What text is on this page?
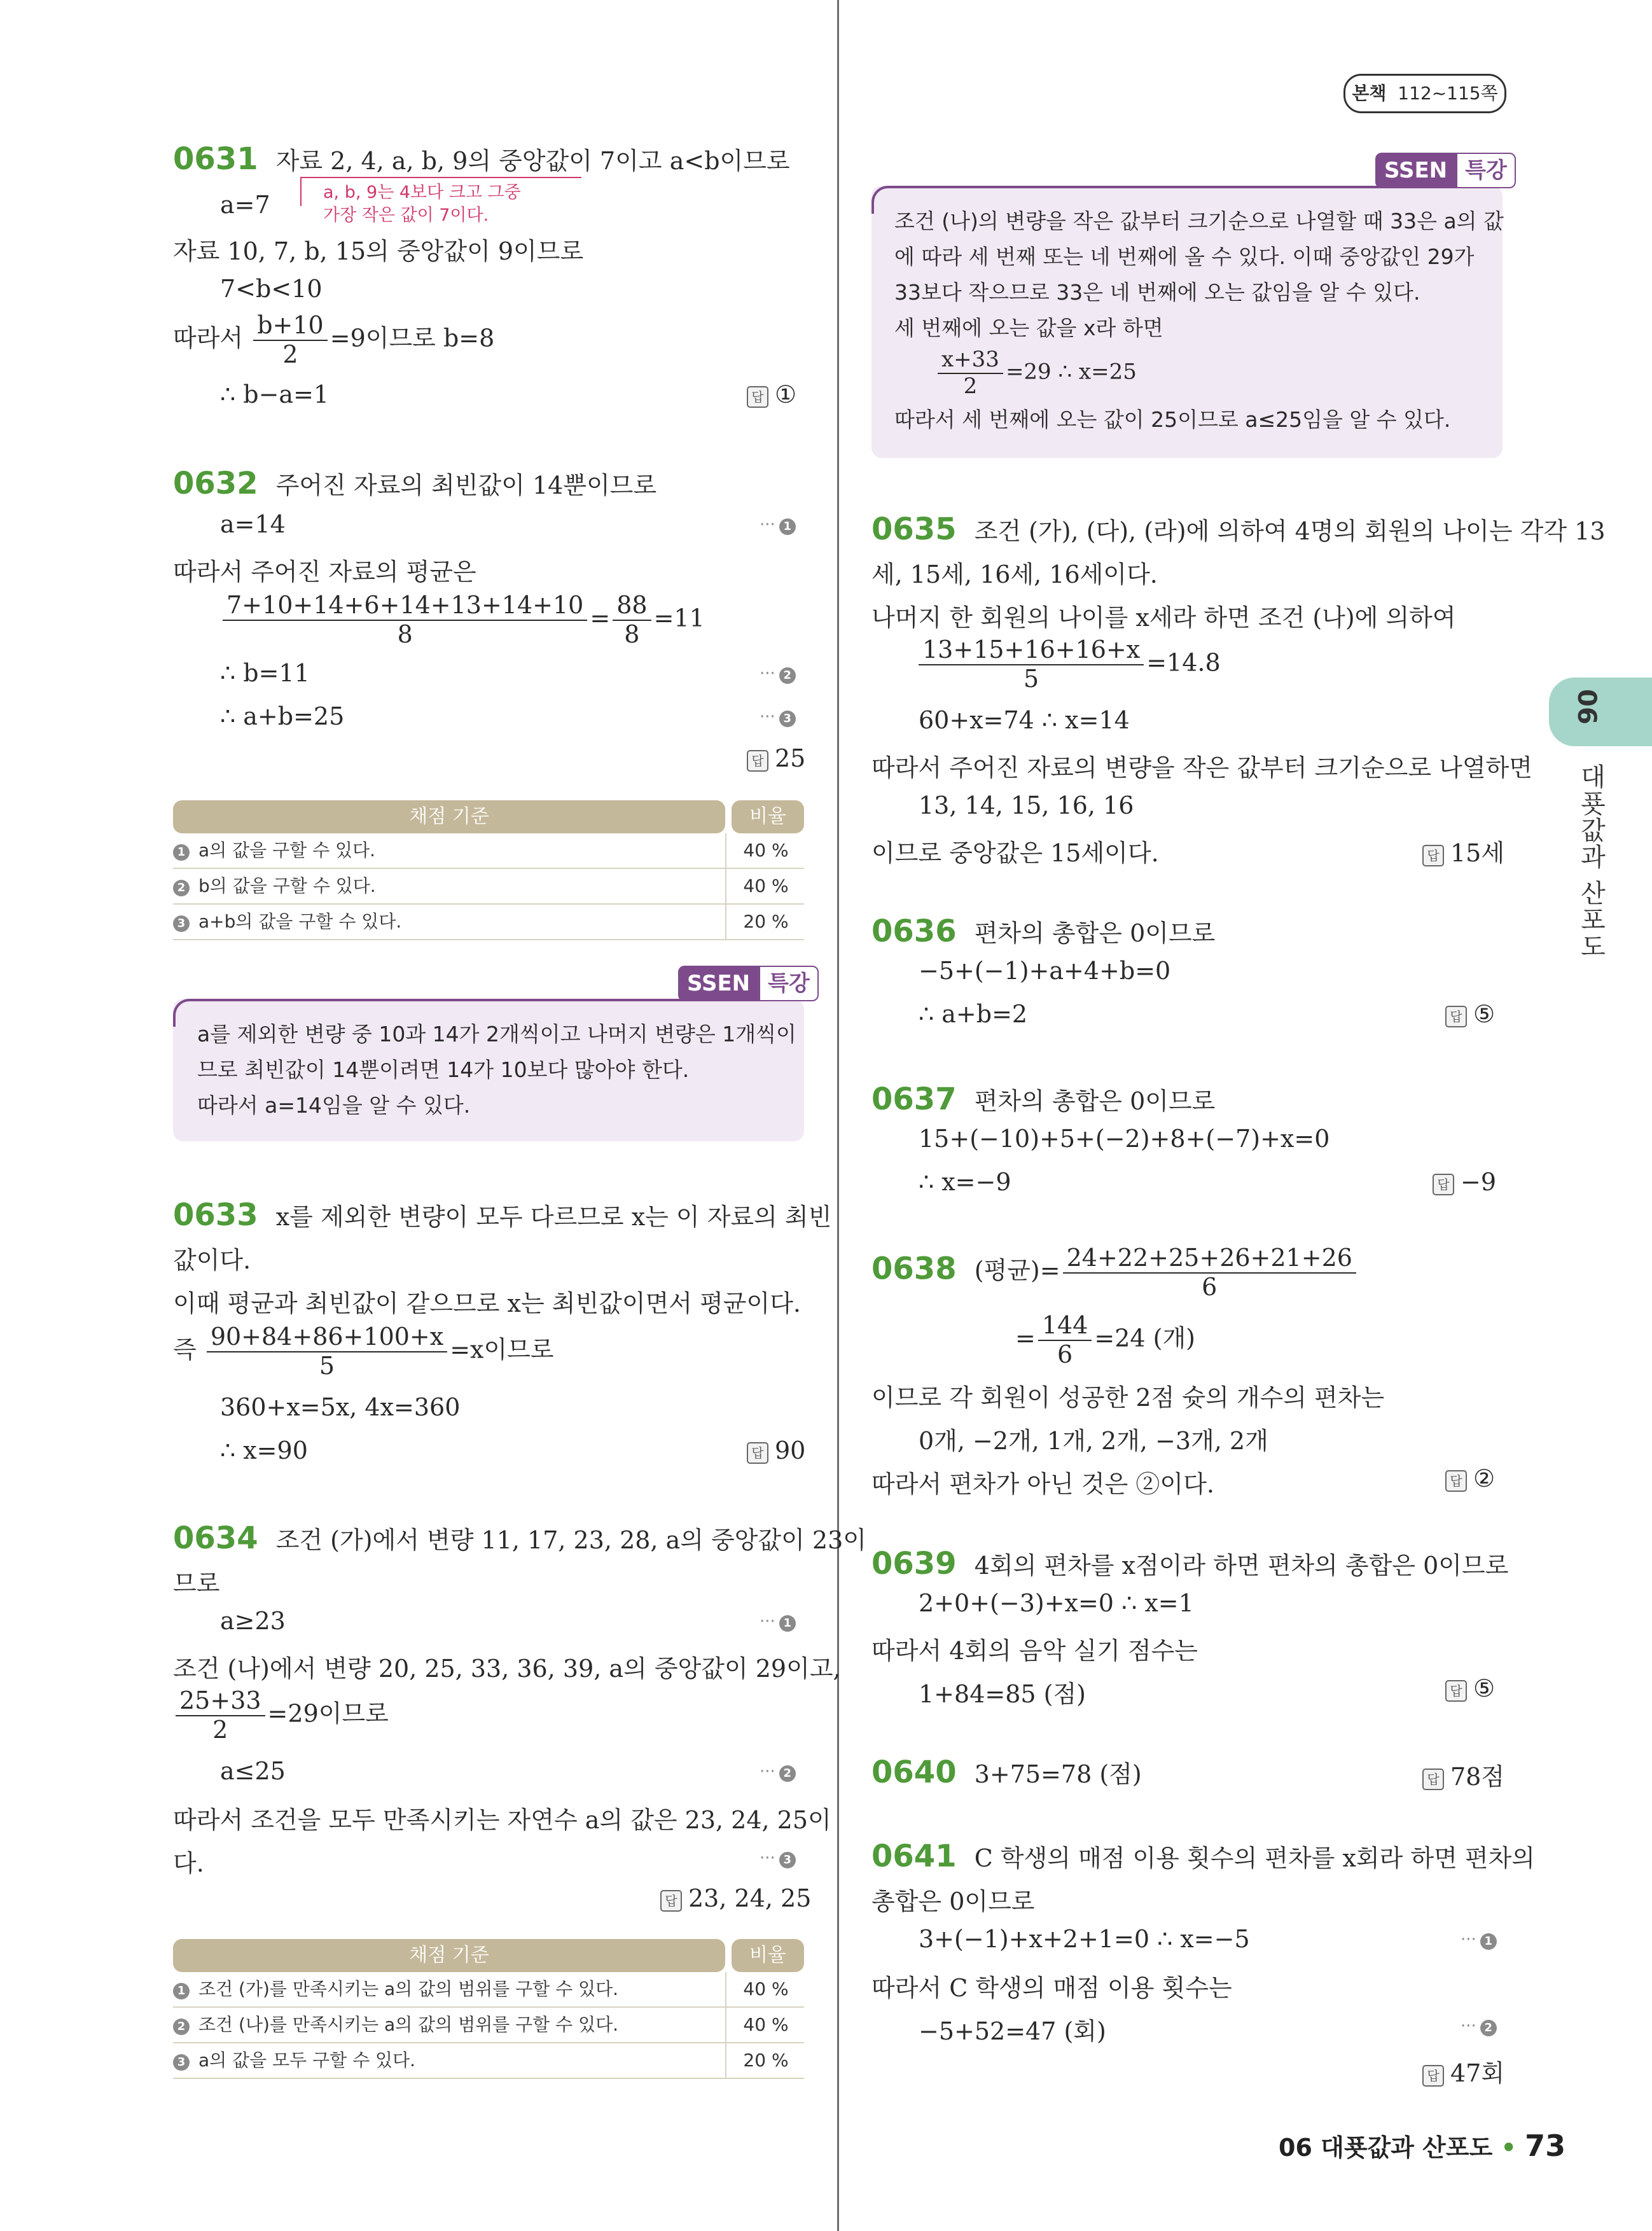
본책 112~115쪽
06
대푯값과 산포도
0631 자료 2, 4, a, b, 9의 중앙값이 7이고 a<b이므로
a=7	a, b, 9는 4보다 크고 그중
가장 작은 값이 7이다.
자료 10, 7, b, 15의 중앙값이 9이므로
7<b<10
따라서 $\frac{b+10}{2} =9$이므로 b=8
∴ b−a=1	답 ①
0632 주어진 자료의 최빈값이 14뿐이므로
a=14	··· 1
따라서 주어진 자료의 평균은
$\frac{7+10+14+6+14+13+14+10}{8} = \frac{88}{8} =11$
∴ b=11	··· 2
∴ a+b=25	··· 3
답 25
채점 기준	비율
1 a의 값을 구할 수 있다.	40 %
2 b의 값을 구할 수 있다.	40 %
3 a+b의 값을 구할 수 있다.	20 %
SSEN 특강
a를 제외한 변량 중 10과 14가 2개씩이고 나머지 변량은 1개씩이
므로 최빈값이 14뿐이려면 14가 10보다 많아야 한다.
따라서 a=14임을 알 수 있다.
0633 x를 제외한 변량이 모두 다르므로 x는 이 자료의 최빈
값이다.
이때 평균과 최빈값이 같으므로 x는 최빈값이면서 평균이다.
즉 $\frac{90+84+86+100+x}{5} =x$이므로
360+x=5x, 4x=360
∴ x=90	답 90
0634 조건 (가)에서 변량 11, 17, 23, 28, a의 중앙값이 23이
므로
a≥23	··· 1
조건 (나)에서 변량 20, 25, 33, 36, 39, a의 중앙값이 29이고,
$\frac{25+33}{2} =29$이므로
a≤25	··· 2
따라서 조건을 모두 만족시키는 자연수 a의 값은 23, 24, 25이
다.	··· 3
답 23, 24, 25
채점 기준	비율
1 조건 (가)를 만족시키는 a의 값의 범위를 구할 수 있다.	40 %
2 조건 (나)를 만족시키는 a의 값의 범위를 구할 수 있다.	40 %
3 a의 값을 모두 구할 수 있다.	20 %
SSEN 특강
조건 (나)의 변량을 작은 값부터 크기순으로 나열할 때 33은 a의 값
에 따라 세 번째 또는 네 번째에 올 수 있다. 이때 중앙값인 29가
33보다 작으므로 33은 네 번째에 오는 값임을 알 수 있다.
세 번째에 오는 값을 x라 하면
$\frac{x+33}{2} =29$ ∴ x=25
따라서 세 번째에 오는 값이 25이므로 a≤25임을 알 수 있다.
0635 조건 (가), (다), (라)에 의하여 4명의 회원의 나이는 각각 13
세, 15세, 16세, 16세이다.
나머지 한 회원의 나이를 x세라 하면 조건 (나)에 의하여
$\frac{13+15+16+16+x}{5} =14.8$
60+x=74 ∴ x=14
따라서 주어진 자료의 변량을 작은 값부터 크기순으로 나열하면
13, 14, 15, 16, 16
이므로 중앙값은 15세이다.	답 15세
0636 편차의 총합은 0이므로
−5+(−1)+a+4+b=0
∴ a+b=2	답 ⑤
0637 편차의 총합은 0이므로
15+(−10)+5+(−2)+8+(−7)+x=0
∴ x=−9	답 −9
0638 (평균)= $\frac{24+22+25+26+21+26}{6}$
= $\frac{144}{6} =24$ (개)
이므로 각 회원이 성공한 2점 슛의 개수의 편차는
0개, −2개, 1개, 2개, −3개, 2개
따라서 편차가 아닌 것은 ②이다.	답 ②
0639 4회의 편차를 x점이라 하면 편차의 총합은 0이므로
2+0+(−3)+x=0 ∴ x=1
따라서 4회의 음악 실기 점수는
1+84=85 (점)	답 ⑤
0640 3+75=78 (점)	답 78점
0641 C 학생의 매점 이용 횟수의 편차를 x회라 하면 편차의
총합은 0이므로
3+(−1)+x+2+1=0 ∴ x=−5	··· 1
따라서 C 학생의 매점 이용 횟수는
−5+52=47 (회)	··· 2
답 47회
06 대푯값과 산포도 • 73
